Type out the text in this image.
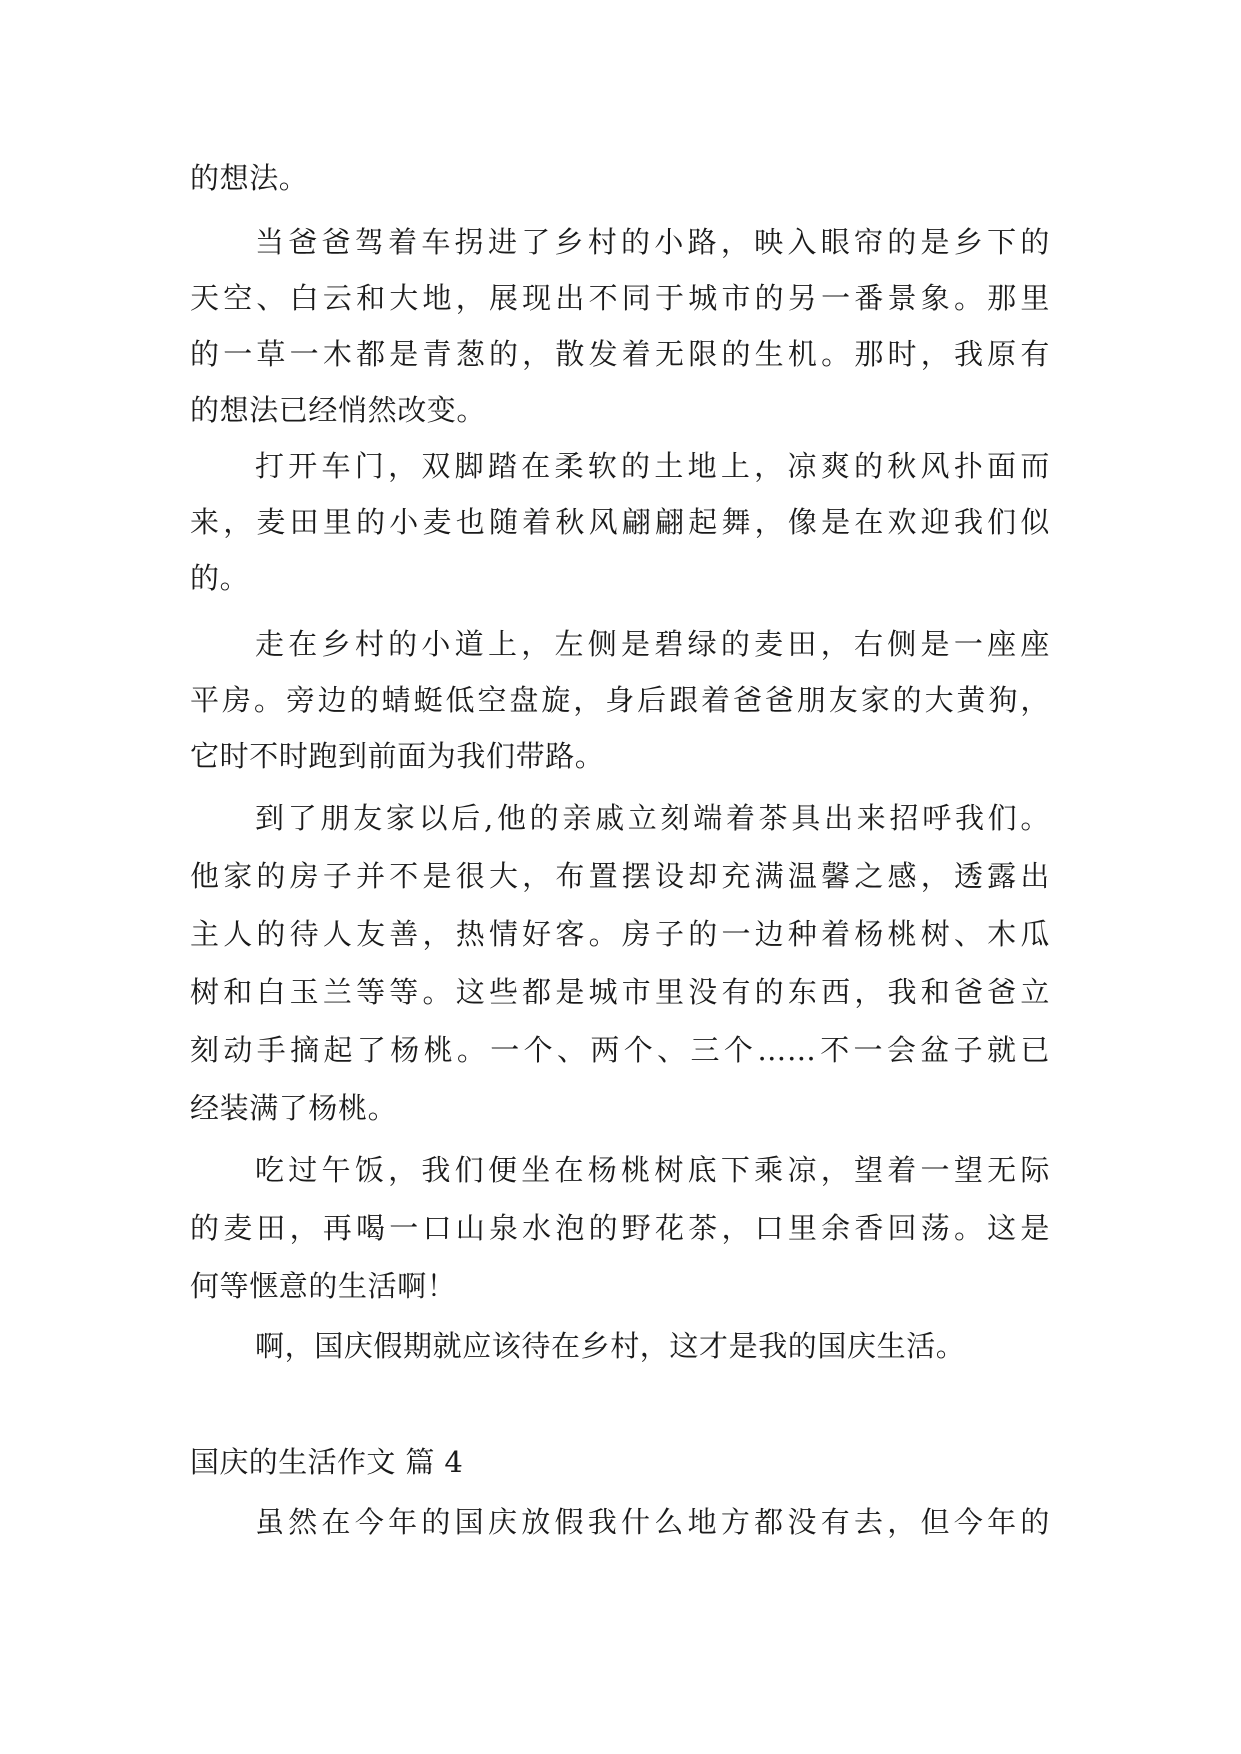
的想法。
当爸爸驾着车拐进了乡村的小路，映入眼帘的是乡下的
天空、白云和大地，展现出不同于城市的另一番景象。那里
的一草一木都是青葱的，散发着无限的生机。那时，我原有
的想法已经悄然改变。
打开车门，双脚踏在柔软的土地上，凉爽的秋风扑面而
来，麦田里的小麦也随着秋风翩翩起舞，像是在欢迎我们似
的。
走在乡村的小道上，左侧是碧绿的麦田，右侧是一座座
平房。旁边的蜻蜓低空盘旋，身后跟着爸爸朋友家的大黄狗，
它时不时跑到前面为我们带路。
到了朋友家以后,他的亲戚立刻端着茶具出来招呼我们。
他家的房子并不是很大，布置摆设却充满温馨之感，透露出
主人的待人友善，热情好客。房子的一边种着杨桃树、木瓜
树和白玉兰等等。这些都是城市里没有的东西，我和爸爸立
刻动手摘起了杨桃。一个、两个、三个……不一会盆子就已
经装满了杨桃。
吃过午饭，我们便坐在杨桃树底下乘凉，望着一望无际
的麦田，再喝一口山泉水泡的野花茶，口里余香回荡。这是
何等惬意的生活啊！
啊，国庆假期就应该待在乡村，这才是我的国庆生活。
国庆的生活作文 篇 4
虽然在今年的国庆放假我什么地方都没有去，但今年的
